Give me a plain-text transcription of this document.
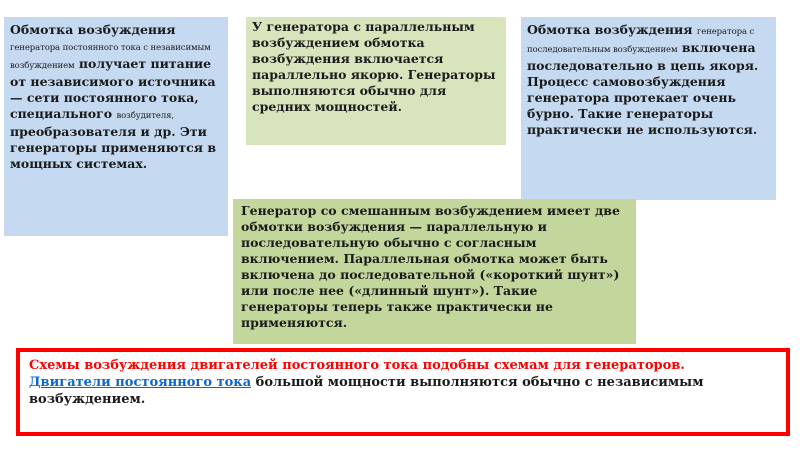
Обмотка возбуждения генератора постоянного тока с независимым возбуждением получает питание от независимого источника — сети постоянного тока, специального возбудителя, преобразователя и др. Эти генераторы применяются в мощных системах.
У генератора с параллельным возбуждением обмотка возбуждения включается параллельно якорю. Генераторы выполняются обычно для средних мощностей.
Обмотка возбуждения генератора с последовательным возбуждением включена последовательно в цепь якоря. Процесс самовозбуждения генератора протекает очень бурно. Такие генераторы практически не используются.
Генератор со смешанным возбуждением имеет две обмотки возбуждения — параллельную и последовательную обычно с согласным включением. Параллельная обмотка может быть включена до последовательной («короткий шунт») или после нее («длинный шунт»). Такие генераторы теперь также практически не применяются.
Схемы возбуждения двигателей постоянного тока подобны схемам для генераторов.
Двигатели постоянного тока большой мощности выполняются обычно с независимым возбуждением.
